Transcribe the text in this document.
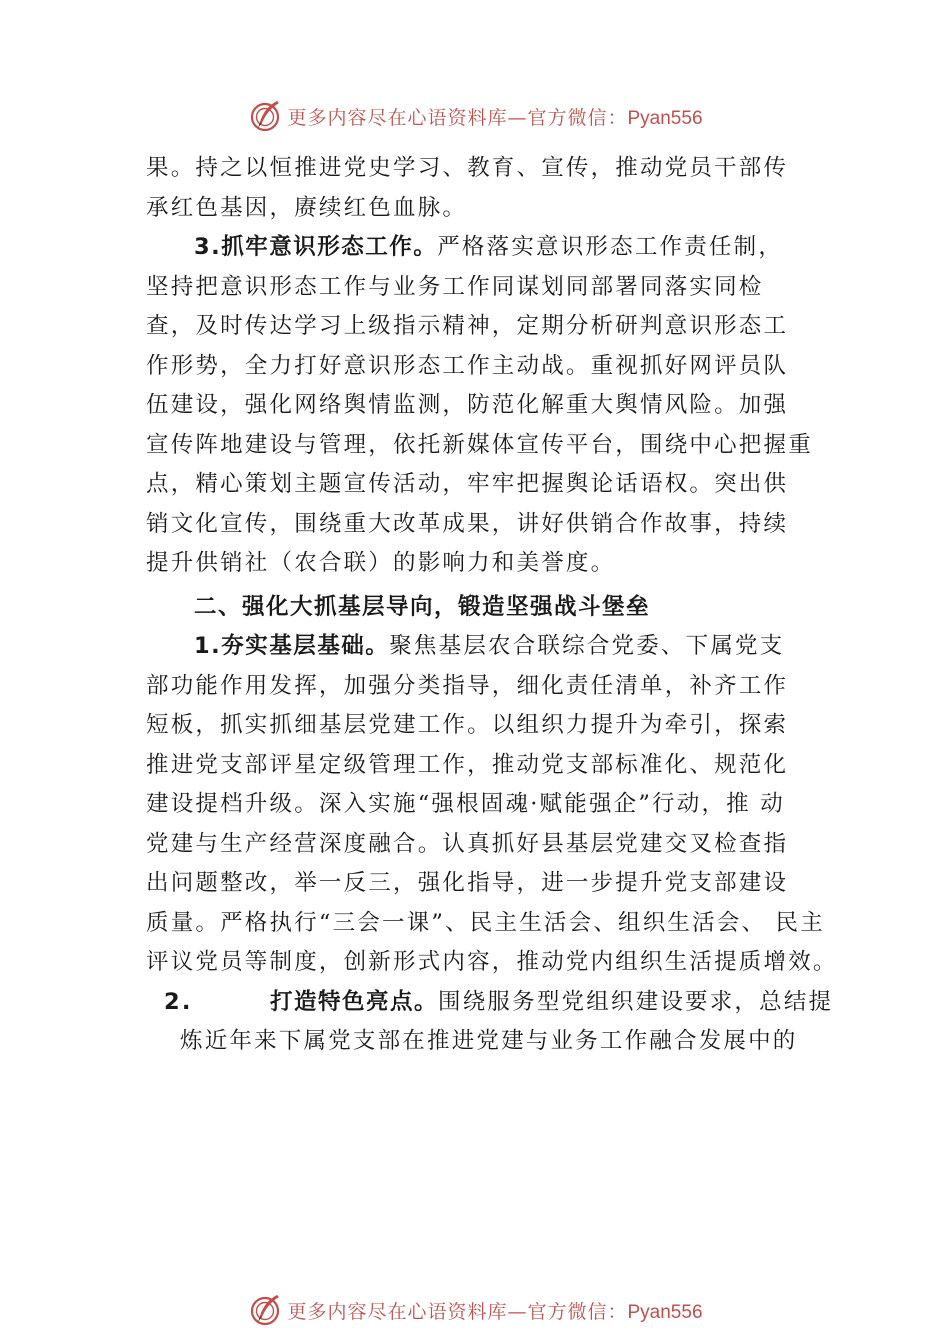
更多内容尽在心语资料库—官方微信：Pyan556
果。持之以恒推进党史学习、教育、宣传，推动党员干部传
承红色基因，赓续红色血脉。
3.抓牢意识形态工作。严格落实意识形态工作责任制，
坚持把意识形态工作与业务工作同谋划同部署同落实同检
查，及时传达学习上级指示精神，定期分析研判意识形态工
作形势，全力打好意识形态工作主动战。重视抓好网评员队
伍建设，强化网络舆情监测，防范化解重大舆情风险。加强
宣传阵地建设与管理，依托新媒体宣传平台，围绕中心把握重
点，精心策划主题宣传活动，牢牢把握舆论话语权。突出供
销文化宣传，围绕重大改革成果，讲好供销合作故事，持续
提升供销社（农合联）的影响力和美誉度。
二、强化大抓基层导向，锻造坚强战斗堡垒
1.夯实基层基础。聚焦基层农合联综合党委、下属党支
部功能作用发挥，加强分类指导，细化责任清单，补齐工作
短板，抓实抓细基层党建工作。以组织力提升为牵引，探索
推进党支部评星定级管理工作，推动党支部标准化、规范化
建设提档升级。深入实施“强根固魂·赋能强企”行动，推 动
党建与生产经营深度融合。认真抓好县基层党建交叉检查指
出问题整改，举一反三，强化指导，进一步提升党支部建设
质量。严格执行“三会一课”、民主生活会、组织生活会、 民主
评议党员等制度，创新形式内容，推动党内组织生活提质增效。
2.	打造特色亮点。围绕服务型党组织建设要求，总结提
炼近年来下属党支部在推进党建与业务工作融合发展中的
更多内容尽在心语资料库—官方微信：Pyan556
